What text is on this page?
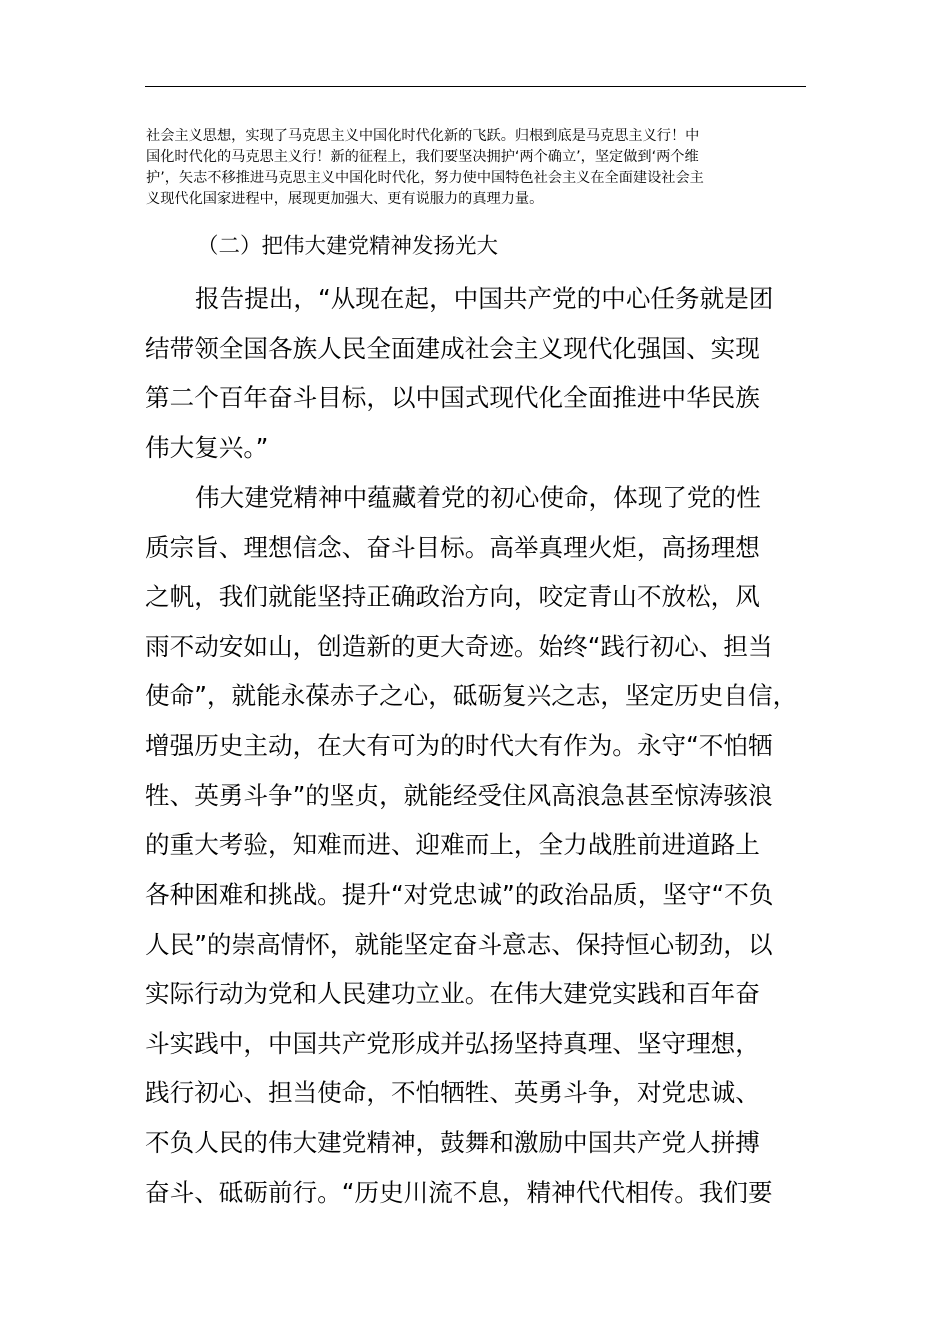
社会主义思想，实现了马克思主义中国化时代化新的飞跃。归根到底是马克思主义行！中
国化时代化的马克思主义行！新的征程上，我们要坚决拥护‘两个确立’，坚定做到‘两个维
护’，矢志不移推进马克思主义中国化时代化，努力使中国特色社会主义在全面建设社会主
义现代化国家进程中，展现更加强大、更有说服力的真理力量。
（二）把伟大建党精神发扬光大
报告提出，“从现在起，中国共产党的中心任务就是团
结带领全国各族人民全面建成社会主义现代化强国、实现
第二个百年奋斗目标，以中国式现代化全面推进中华民族
伟大复兴。”
伟大建党精神中蕴藏着党的初心使命，体现了党的性
质宗旨、理想信念、奋斗目标。高举真理火炬，高扬理想
之帆，我们就能坚持正确政治方向，咬定青山不放松，风
雨不动安如山，创造新的更大奇迹。始终“践行初心、担当
使命”，就能永葆赤子之心，砥砺复兴之志，坚定历史自信，
增强历史主动，在大有可为的时代大有作为。永守“不怕牺
牲、英勇斗争”的坚贞，就能经受住风高浪急甚至惊涛骇浪
的重大考验，知难而进、迎难而上，全力战胜前进道路上
各种困难和挑战。提升“对党忠诚”的政治品质，坚守“不负
人民”的崇高情怀，就能坚定奋斗意志、保持恒心韧劲，以
实际行动为党和人民建功立业。在伟大建党实践和百年奋
斗实践中，中国共产党形成并弘扬坚持真理、坚守理想，
践行初心、担当使命，不怕牺牲、英勇斗争，对党忠诚、
不负人民的伟大建党精神，鼓舞和激励中国共产党人拼搏
奋斗、砥砺前行。“历史川流不息，精神代代相传。我们要
